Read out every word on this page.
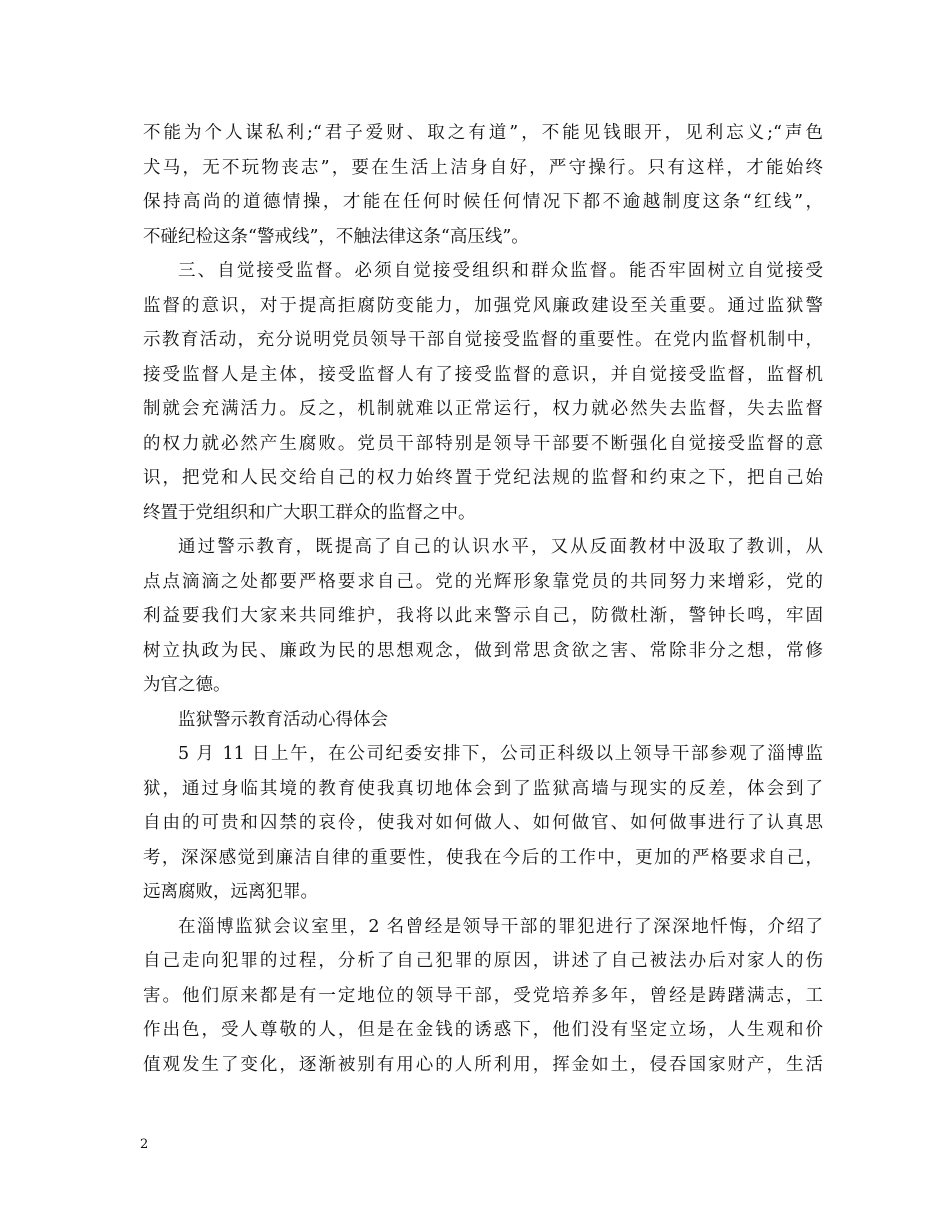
不能为个人谋私利;“君子爱财、取之有道”，不能见钱眼开，见利忘义;“声色
犬马，无不玩物丧志”，要在生活上洁身自好，严守操行。只有这样，才能始终
保持高尚的道德情操，才能在任何时候任何情况下都不逾越制度这条“红线”，
不碰纪检这条“警戒线”，不触法律这条“高压线”。
三、自觉接受监督。必须自觉接受组织和群众监督。能否牢固树立自觉接受
监督的意识，对于提高拒腐防变能力，加强党风廉政建设至关重要。通过监狱警
示教育活动，充分说明党员领导干部自觉接受监督的重要性。在党内监督机制中，
接受监督人是主体，接受监督人有了接受监督的意识，并自觉接受监督，监督机
制就会充满活力。反之，机制就难以正常运行，权力就必然失去监督，失去监督
的权力就必然产生腐败。党员干部特别是领导干部要不断强化自觉接受监督的意
识，把党和人民交给自己的权力始终置于党纪法规的监督和约束之下，把自己始
终置于党组织和广大职工群众的监督之中。
通过警示教育，既提高了自己的认识水平，又从反面教材中汲取了教训，从
点点滴滴之处都要严格要求自己。党的光辉形象靠党员的共同努力来增彩，党的
利益要我们大家来共同维护，我将以此来警示自己，防微杜渐，警钟长鸣，牢固
树立执政为民、廉政为民的思想观念，做到常思贪欲之害、常除非分之想，常修
为官之德。
监狱警示教育活动心得体会
5 月 11 日上午，在公司纪委安排下，公司正科级以上领导干部参观了淄博监
狱，通过身临其境的教育使我真切地体会到了监狱高墙与现实的反差，体会到了
自由的可贵和囚禁的哀伶，使我对如何做人、如何做官、如何做事进行了认真思
考，深深感觉到廉洁自律的重要性，使我在今后的工作中，更加的严格要求自己，
远离腐败，远离犯罪。
在淄博监狱会议室里，2 名曾经是领导干部的罪犯进行了深深地忏悔，介绍了
自己走向犯罪的过程，分析了自己犯罪的原因，讲述了自己被法办后对家人的伤
害。他们原来都是有一定地位的领导干部，受党培养多年，曾经是踌躇满志，工
作出色，受人尊敬的人，但是在金钱的诱惑下，他们没有坚定立场，人生观和价
值观发生了变化，逐渐被别有用心的人所利用，挥金如土，侵吞国家财产，生活
2
